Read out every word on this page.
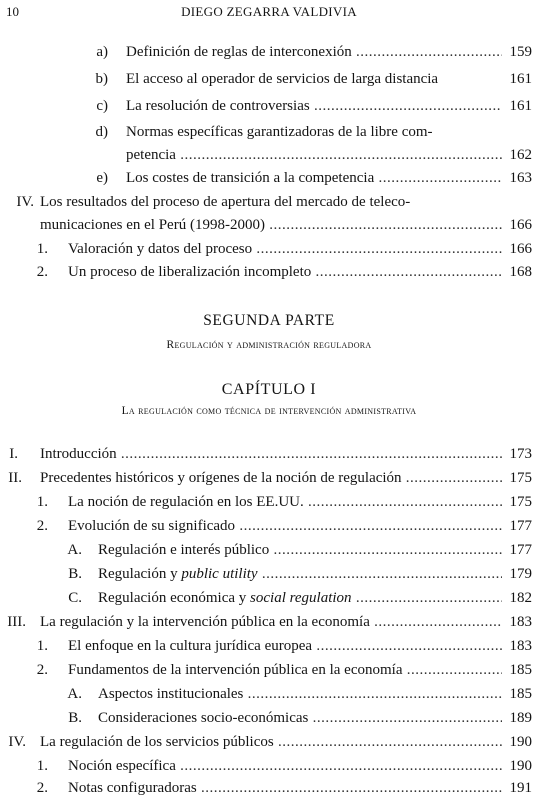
10	DIEGO ZEGARRA VALDIVIA
a) Definición de reglas de interconexión .....	159
b) El acceso al operador de servicios de larga distancia	161
c) La resolución de controversias .....	161
d) Normas específicas garantizadoras de la libre com-
petencia .....	162
e) Los costes de transición a la competencia .....	163
IV. Los resultados del proceso de apertura del mercado de teleco-
municaciones en el Perú (1998-2000) .....	166
1. Valoración y datos del proceso .....	166
2. Un proceso de liberalización incompleto .....	168
SEGUNDA PARTE
Regulación y administración reguladora
CAPÍTULO I
La regulación como técnica de intervención administrativa
I. Introducción .....	173
II. Precedentes históricos y orígenes de la noción de regulación .....	175
1. La noción de regulación en los EE.UU. .....	175
2. Evolución de su significado .....	177
A. Regulación e interés público .....	177
B. Regulación y public utility .....	179
C. Regulación económica y social regulation .....	182
III. La regulación y la intervención pública en la economía .....	183
1. El enfoque en la cultura jurídica europea .....	183
2. Fundamentos de la intervención pública en la economía .....	185
A. Aspectos institucionales .....	185
B. Consideraciones socio-económicas .....	189
IV. La regulación de los servicios públicos .....	190
1. Noción específica .....	190
2. Notas configuradoras .....	191
